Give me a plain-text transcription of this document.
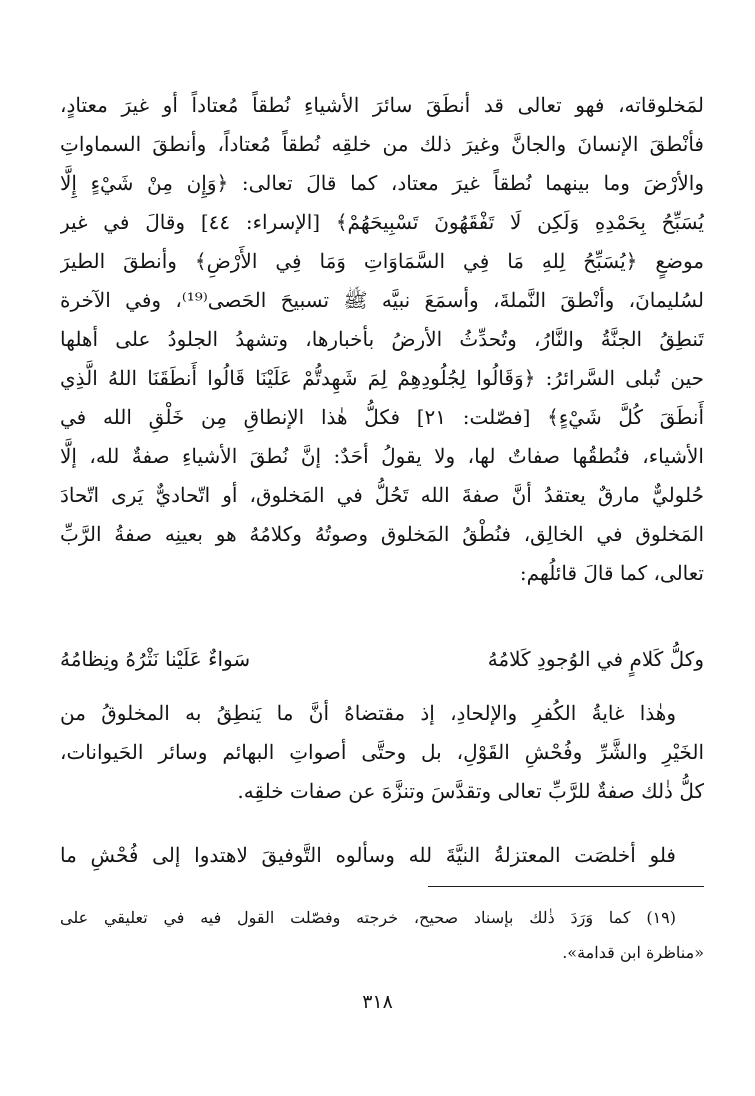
لمَخلوقاته، فهو تعالى قد أنطَقَ سائرَ الأشياءِ نُطقاً مُعتاداً أو غيرَ معتادٍ،
فأنْطقَ الإنسانَ والجانَّ وغيرَ ذلك من خلقِه نُطقاً مُعتاداً، وأنطقَ السماواتِ
والأرْضَ وما بينهما نُطقاً غيرَ معتاد، كما قالَ تعالى: ﴿وَإِن مِنْ شَيْءٍ إِلَّا
يُسَبِّحُ بِحَمْدِهِ وَلَكِن لَا تَفْقَهُونَ تَسْبِيحَهُمْ﴾ [الإسراء: ٤٤] وقالَ في غير
موضعٍ ﴿يُسَبِّحُ لِلهِ مَا فِي السَّمَاوَاتِ وَمَا فِي الأَرْضِ﴾ وأنطقَ الطيرَ
لسُليمانَ، وأنْطقَ النَّملةَ، وأسمَعَ نبيَّه ﷺ تسبيحَ الحَصى⁽¹⁹⁾، وفي الآخرة
تَنطِقُ الجنَّةُ والنَّارُ، وتُحدِّثُ الأرضُ بأخبارها، وتشهدُ الجلودُ على أهلها
حين تُبلى السَّرائرُ: ﴿وَقَالُوا لِجُلُودِهِمْ لِمَ شَهِدتُّمْ عَلَيْنَا قَالُوا أَنطَقَنَا اللهُ الَّذِي
أَنطَقَ كُلَّ شَيْءٍ﴾ [فصّلت: ٢١] فكلُّ هٰذا الإنطاقِ مِن خَلْقِ الله في
الأشياء، فنُطقُها صفاتٌ لها، ولا يقولُ أحَدٌ: إنَّ نُطقَ الأشياءِ صفةٌ لله، إلَّا
حُلوليٌّ مارقٌ يعتقدُ أنَّ صفةَ الله تَحُلُّ في المَخلوق، أو اتّحاديٌّ يَرى اتّحادَ
المَخلوق في الخالِق، فنُطْقُ المَخلوق وصوتُهُ وكلامُهُ هو بعينِه صفةُ الرَّبِّ
تعالى، كما قالَ قائلُهم:
وكلُّ كَلامٍ في الوُجودِ كَلامُهُ
سَواءٌ عَلَيْنا نَثْرُهُ ونِظامُهُ
وهٰذا غايةُ الكُفرِ والإلحادِ، إذ مقتضاهُ أنَّ ما يَنطِقُ به المخلوقُ من
الخَيْرِ والشَّرِّ وفُحْشِ القَوْلِ، بل وحتَّى أصواتِ البهائم وسائر الحَيوانات،
كلُّ ذٰلك صفةٌ للرَّبِّ تعالى وتقدَّسَ وتنزَّهَ عن صفات خلقِه.
فلو أخلصَت المعتزلةُ النيَّةَ لله وسألوه التَّوفيقَ لاهتدوا إلى فُحْشِ ما
(١٩) كما وَرَدَ ذٰلك بإسناد صحيح، خرجته وفصّلت القول فيه في تعليقي على
«مناظرة ابن قدامة».
٣١٨
